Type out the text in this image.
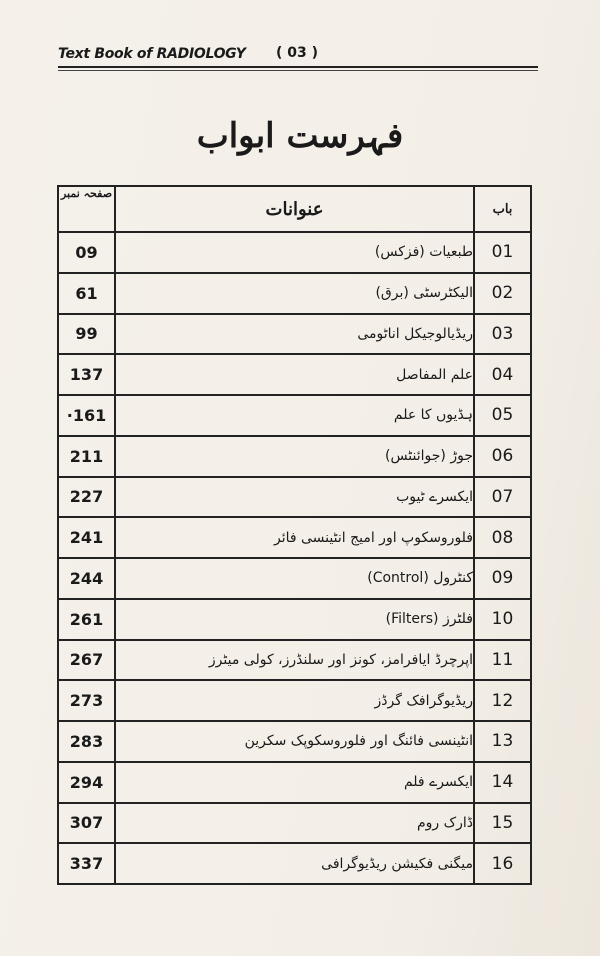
Text Book of RADIOLOGY ( 03 )
فہرست ابواب
صفحہ نمبر	عنوانات	باب
09	طبعیات (فزکس)	01
61	الیکٹرسٹی (برق)	02
99	ریڈیالوجیکل اناٹومی	03
137	علم المفاصل	04
·161	ہڈیوں کا علم	05
211	جوڑ (جوائنٹس)	06
227	ایکسرے ٹیوب	07
241	فلوروسکوپ اور امیج انٹینسی فائر	08
244	کنٹرول (Control)	09
261	فلٹرز (Filters)	10
267	اپرچرڈ ایافرامز، کونز اور سلنڈرز، کولی میٹرز	11
273	ریڈیوگرافک گرڈز	12
283	انٹینسی فائنگ اور فلوروسکوپک سکرین	13
294	ایکسرے فلم	14
307	ڈارک روم	15
337	میگنی فکیشن ریڈیوگرافی	16
